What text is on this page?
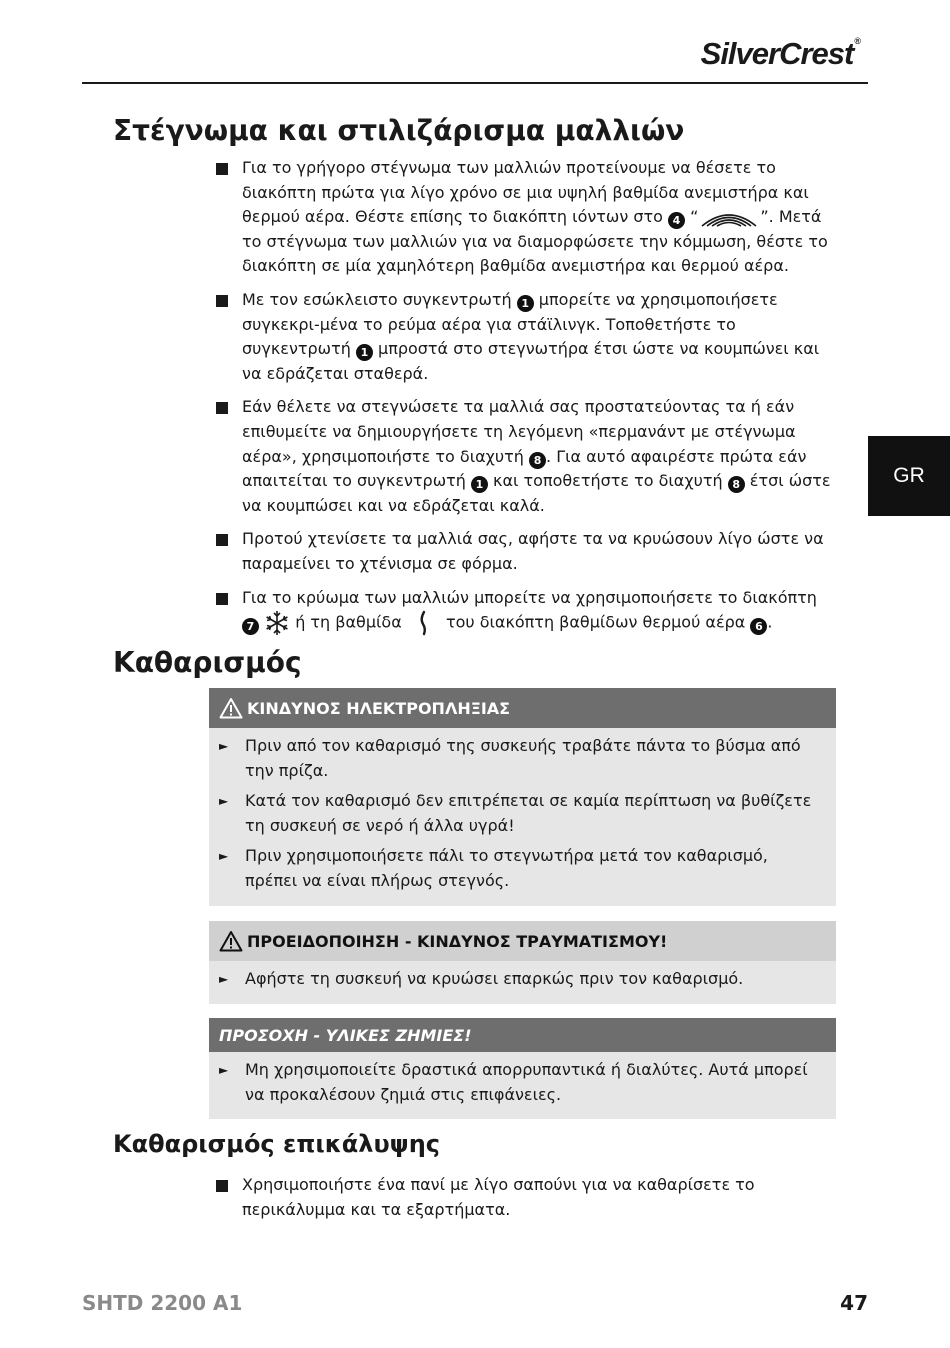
SilverCrest®
GR
Στέγνωμα και στιλιζάρισμα μαλλιών
Για το γρήγορο στέγνωμα των μαλλιών προτείνουμε να θέσετε το διακόπτη πρώτα για λίγο χρόνο σε μια υψηλή βαθμίδα ανεμιστήρα και θερμού αέρα. Θέστε επίσης το διακόπτη ιόντων στο 4 “	”. Μετά το στέγνωμα των μαλλιών για να διαμορφώσετε την κόμμωση, θέστε το διακόπτη σε μία χαμηλότερη βαθμίδα ανεμιστήρα και θερμού αέρα.
Με τον εσώκλειστο συγκεντρωτή 1 μπορείτε να χρησιμοποιήσετε συγκεκρι-μένα το ρεύμα αέρα για στάϊλινγκ. Τοποθετήστε το συγκεντρωτή 1 μπροστά στο στεγνωτήρα έτσι ώστε να κουμπώνει και να εδράζεται σταθερά.
Εάν θέλετε να στεγνώσετε τα μαλλιά σας προστατεύοντας τα ή εάν επιθυμείτε να δημιουργήσετε τη λεγόμενη «περμανάντ με στέγνωμα αέρα», χρησιμοποιήστε το διαχυτή 8 . Για αυτό αφαιρέστε πρώτα εάν απαιτείται το συγκεντρωτή 1 και τοποθετήστε το διαχυτή 8 έτσι ώστε να κουμπώσει και να εδράζεται καλά.
Προτού χτενίσετε τα μαλλιά σας, αφήστε τα να κρυώσουν λίγο ώστε να παραμείνει το χτένισμα σε φόρμα.
Για το κρύωμα των μαλλιών μπορείτε να χρησιμοποιήσετε το διακόπτη 7	ή τη βαθμίδα	του διακόπτη βαθμίδων θερμού αέρα 6 .
Καθαρισμός
ΚΙΝΔΥΝΟΣ ΗΛΕΚΤΡΟΠΛΗΞΙΑΣ
► Πριν από τον καθαρισμό της συσκευής τραβάτε πάντα το βύσμα από την πρίζα.
► Κατά τον καθαρισμό δεν επιτρέπεται σε καμία περίπτωση να βυθίζετε τη συσκευή σε νερό ή άλλα υγρά!
► Πριν χρησιμοποιήσετε πάλι το στεγνωτήρα μετά τον καθαρισμό, πρέπει να είναι πλήρως στεγνός.
ΠΡΟΕΙΔΟΠΟΙΗΣΗ - ΚΙΝΔΥΝΟΣ ΤΡΑΥΜΑΤΙΣΜΟΥ!
► Αφήστε τη συσκευή να κρυώσει επαρκώς πριν τον καθαρισμό.
ΠΡΟΣΟΧΗ - ΥΛΙΚΕΣ ΖΗΜΙΕΣ!
► Μη χρησιμοποιείτε δραστικά απορρυπαντικά ή διαλύτες. Αυτά μπορεί να προκαλέσουν ζημιά στις επιφάνειες.
Καθαρισμός επικάλυψης
Χρησιμοποιήστε ένα πανί με λίγο σαπούνι για να καθαρίσετε το περικάλυμμα και τα εξαρτήματα.
SHTD 2200 A1	47
